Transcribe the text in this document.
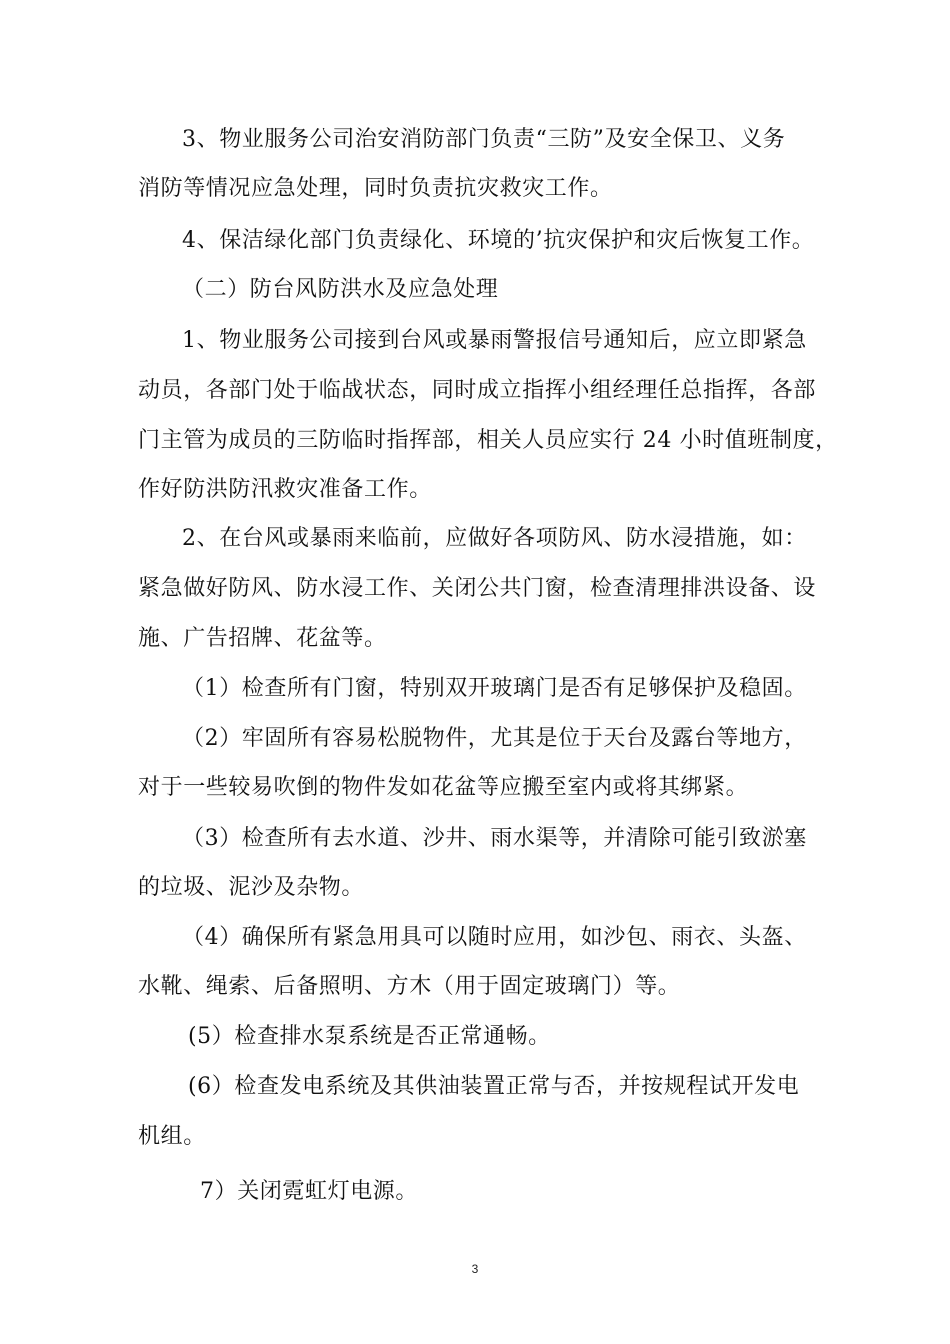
3、物业服务公司治安消防部门负责“三防”及安全保卫、义务
消防等情况应急处理，同时负责抗灾救灾工作。
4、保洁绿化部门负责绿化、环境的’抗灾保护和灾后恢复工作。
（二）防台风防洪水及应急处理
1、物业服务公司接到台风或暴雨警报信号通知后，应立即紧急
动员，各部门处于临战状态，同时成立指挥小组经理任总指挥，各部
门主管为成员的三防临时指挥部，相关人员应实行 24 小时值班制度，
作好防洪防汛救灾准备工作。
2、在台风或暴雨来临前，应做好各项防风、防水浸措施，如：
紧急做好防风、防水浸工作、关闭公共门窗，检查清理排洪设备、设
施、广告招牌、花盆等。
（1）检查所有门窗，特别双开玻璃门是否有足够保护及稳固。
（2）牢固所有容易松脱物件，尤其是位于天台及露台等地方，
对于一些较易吹倒的物件发如花盆等应搬至室内或将其绑紧。
（3）检查所有去水道、沙井、雨水渠等，并清除可能引致淤塞
的垃圾、泥沙及杂物。
（4）确保所有紧急用具可以随时应用，如沙包、雨衣、头盔、
水靴、绳索、后备照明、方木（用于固定玻璃门）等。
(5）检查排水泵系统是否正常通畅。
(6）检查发电系统及其供油装置正常与否，并按规程试开发电
机组。
7）关闭霓虹灯电源。
3
